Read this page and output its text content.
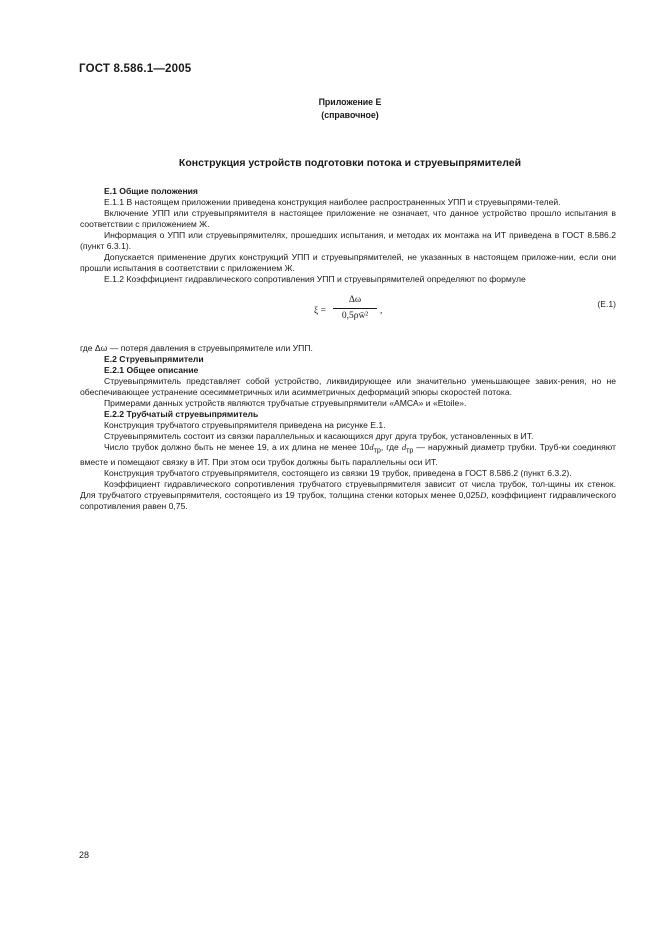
ГОСТ 8.586.1—2005
Приложение Е
(справочное)
Конструкция устройств подготовки потока и струевыпрямителей

Е.1 Общие положения

Е.1.1 В настоящем приложении приведена конструкция наиболее распространенных УПП и струевыпрями-телей.

Включение УПП или струевыпрямителя в настоящее приложение не означает, что данное устройство прошло испытания в соответствии с приложением Ж.

Информация о УПП или струевыпрямителях, прошедших испытания, и методах их монтажа на ИТ приведена в ГОСТ 8.586.2 (пункт 6.3.1).

Допускается применение других конструкций УПП и струевыпрямителей, не указанных в настоящем приложе-нии, если они прошли испытания в соответствии с приложением Ж.

Е.1.2 Коэффициент гидравлического сопротивления УПП и струевыпрямителей определяют по формуле

$\xi = \frac{\Delta\omega}{\text{0,5ρw̄²}}$ ,
(Е.1)

где Δω — потеря давления в струевыпрямителе или УПП.

Е.2 Струевыпрямители

Е.2.1 Общее описание

Струевыпрямитель представляет собой устройство, ликвидирующее или значительно уменьшающее завих-рения, но не обеспечивающее устранение осесимметричных или асимметричных деформаций эпюры скоростей потока.

Примерами данных устройств являются трубчатые струевыпрямители «АМСА» и «Etoile».

Е.2.2 Трубчатый струевыпрямитель

Конструкция трубчатого струевыпрямителя приведена на рисунке Е.1.

Струевыпрямитель состоит из связки параллельных и касающихся друг друга трубок, установленных в ИТ.

Число трубок должно быть не менее 19, а их длина не менее $10d_{тр}$, где $d_{тр}$ — наружный диаметр трубки. Труб-ки соединяют вместе и помещают связку в ИТ. При этом оси трубок должны быть параллельны оси ИТ.

Конструкция трубчатого струевыпрямителя, состоящего из связки 19 трубок, приведена в ГОСТ 8.586.2 (пункт 6.3.2).

Коэффициент гидравлического сопротивления трубчатого струевыпрямителя зависит от числа трубок, тол-щины их стенок. Для трубчатого струевыпрямителя, состоящего из 19 трубок, толщина стенки которых менее 0,025D, коэффициент гидравлического сопротивления равен 0,75.

28
